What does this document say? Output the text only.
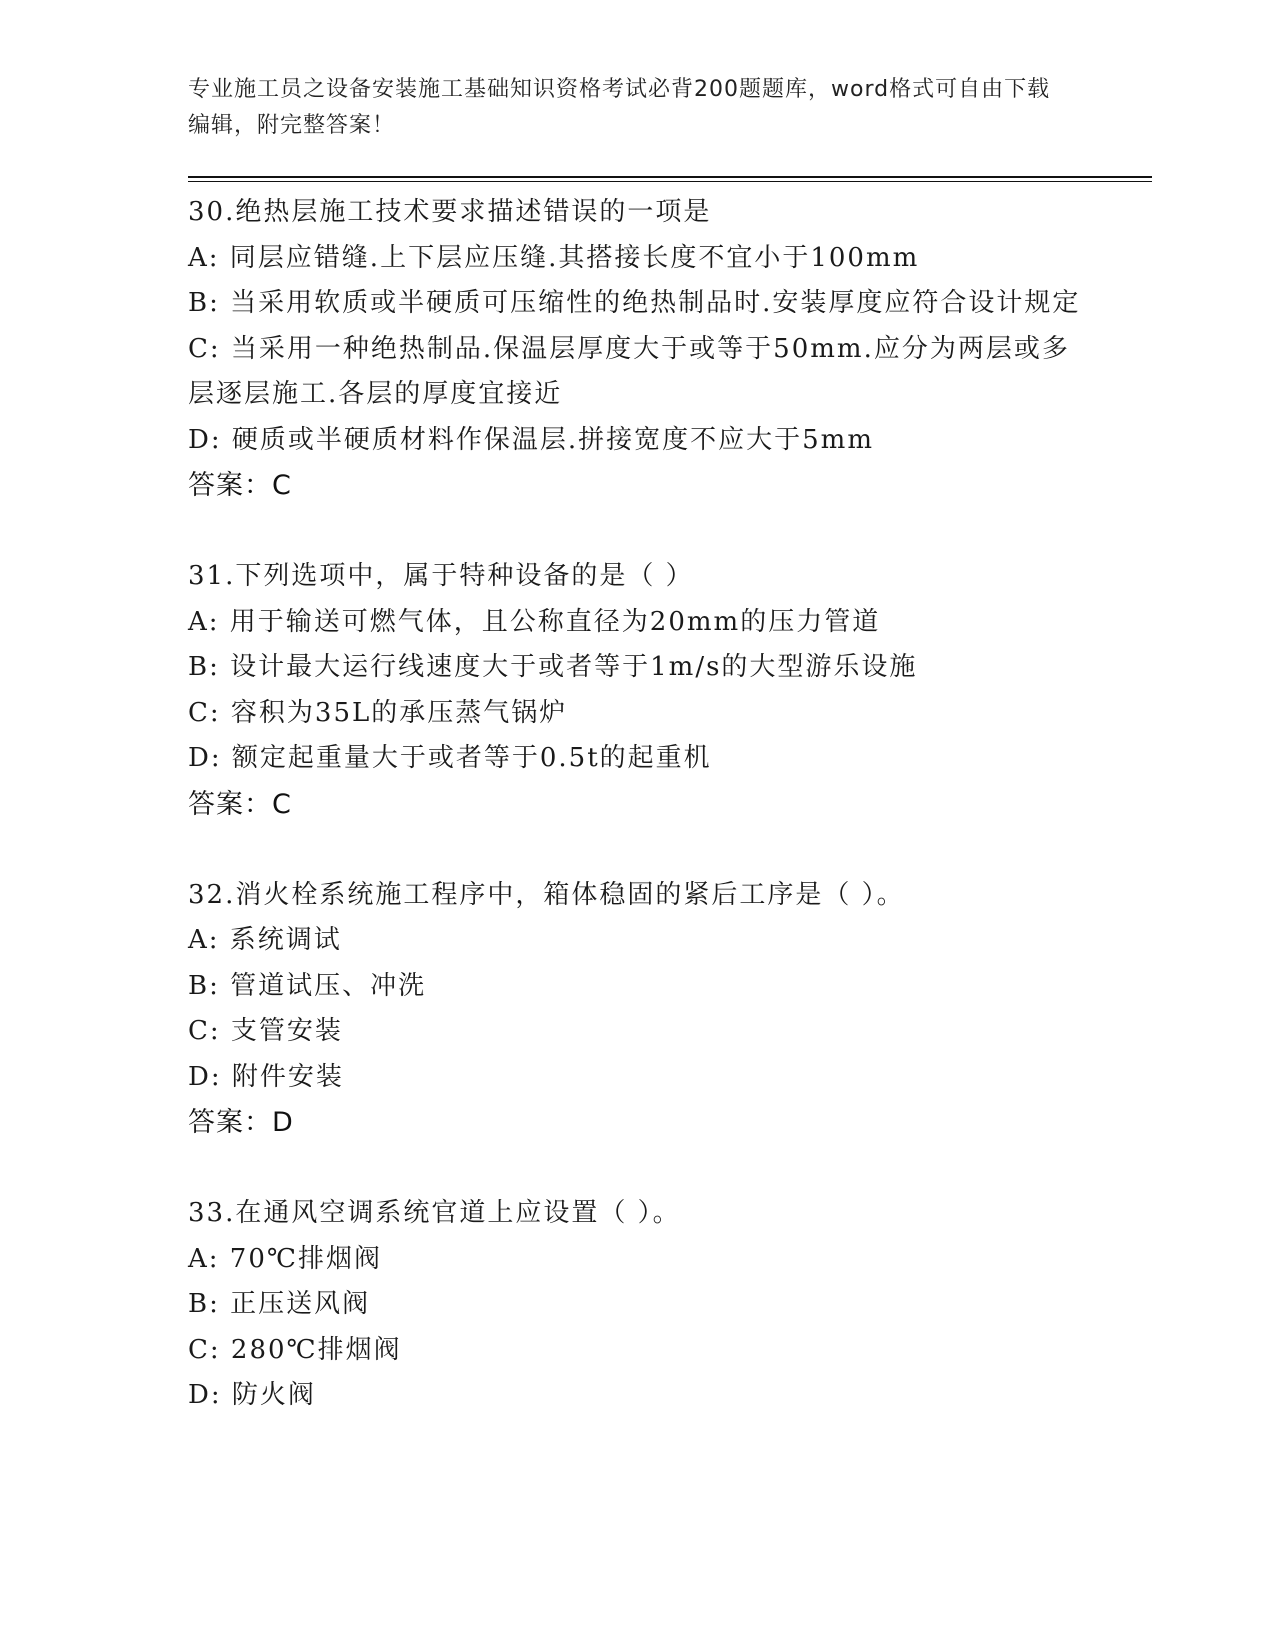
专业施工员之设备安装施工基础知识资格考试必背200题题库，word格式可自由下载编辑，附完整答案！
30.绝热层施工技术要求描述错误的一项是
A: 同层应错缝.上下层应压缝.其搭接长度不宜小于100mm
B: 当采用软质或半硬质可压缩性的绝热制品时.安装厚度应符合设计规定
C: 当采用一种绝热制品.保温层厚度大于或等于50mm.应分为两层或多层逐层施工.各层的厚度宜接近
D: 硬质或半硬质材料作保温层.拼接宽度不应大于5mm
答案：C
31.下列选项中，属于特种设备的是（ ）
A: 用于输送可燃气体，且公称直径为20mm的压力管道
B: 设计最大运行线速度大于或者等于1m/s的大型游乐设施
C: 容积为35L的承压蒸气锅炉
D: 额定起重量大于或者等于0.5t的起重机
答案：C
32.消火栓系统施工程序中，箱体稳固的紧后工序是（ ）。
A: 系统调试
B: 管道试压、冲洗
C: 支管安装
D: 附件安装
答案：D
33.在通风空调系统官道上应设置（ ）。
A: 70℃排烟阀
B: 正压送风阀
C: 280℃排烟阀
D: 防火阀
